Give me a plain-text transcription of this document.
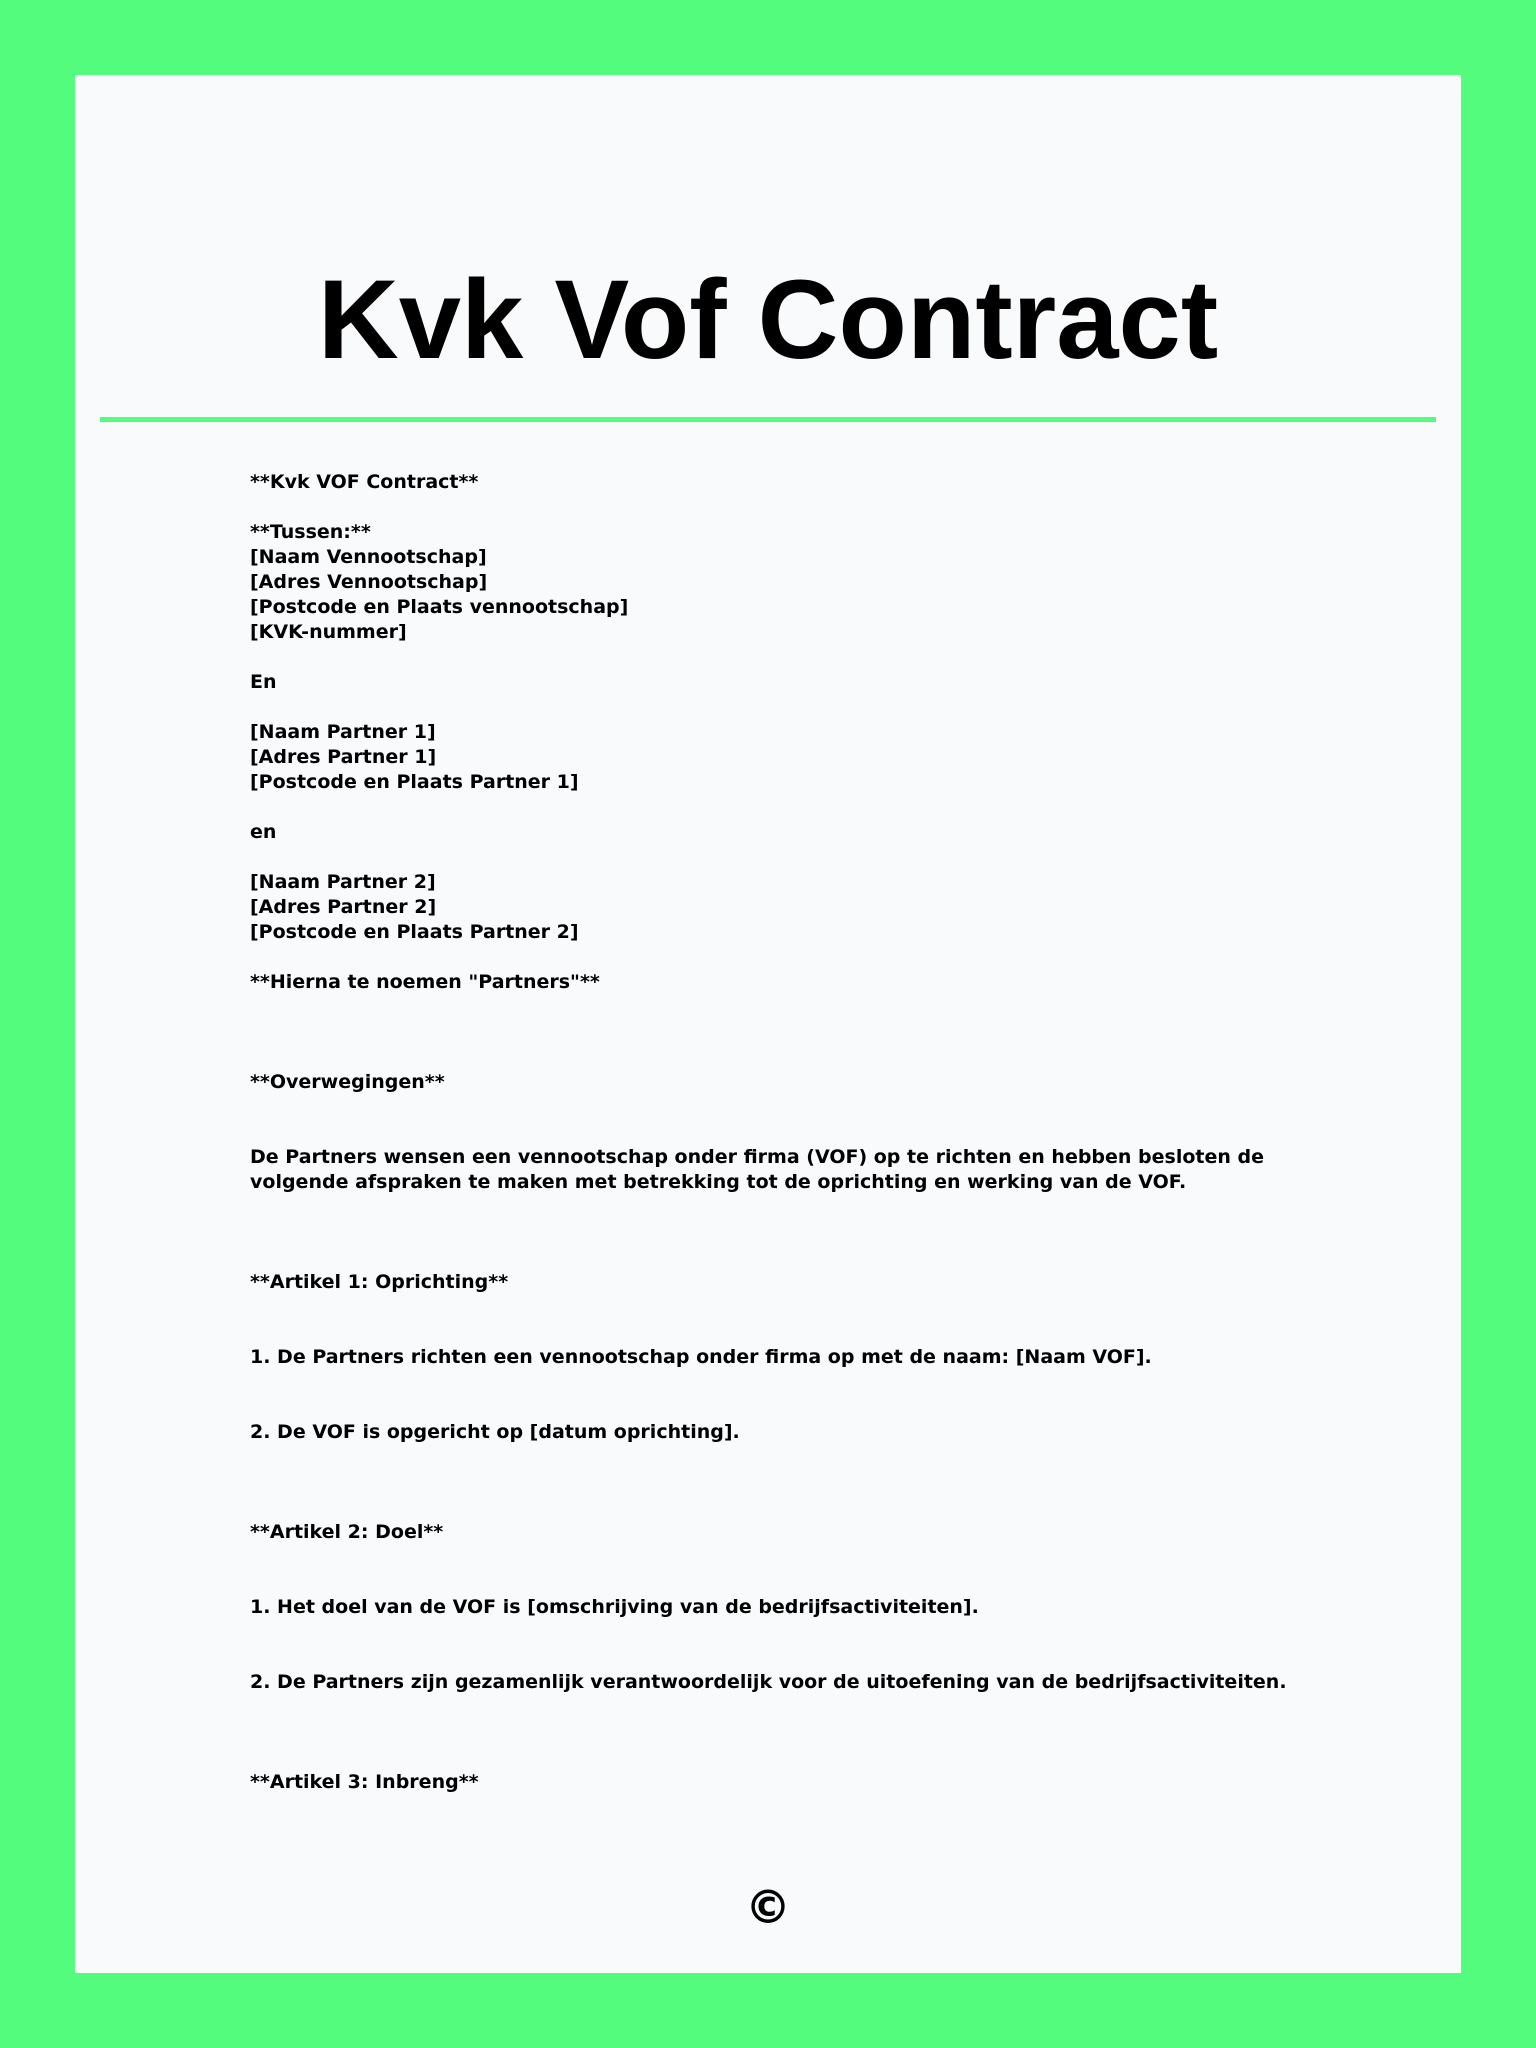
Kvk Vof Contract
**Kvk VOF Contract**
**Tussen:**
[Naam Vennootschap]
[Adres Vennootschap]
[Postcode en Plaats vennootschap]
[KVK-nummer]
En
[Naam Partner 1]
[Adres Partner 1]
[Postcode en Plaats Partner 1]
en
[Naam Partner 2]
[Adres Partner 2]
[Postcode en Plaats Partner 2]
**Hierna te noemen "Partners"**
**Overwegingen**
De Partners wensen een vennootschap onder firma (VOF) op te richten en hebben besloten de volgende afspraken te maken met betrekking tot de oprichting en werking van de VOF.
**Artikel 1: Oprichting**
1. De Partners richten een vennootschap onder firma op met de naam: [Naam VOF].
2. De VOF is opgericht op [datum oprichting].
**Artikel 2: Doel**
1. Het doel van de VOF is [omschrijving van de bedrijfsactiviteiten].
2. De Partners zijn gezamenlijk verantwoordelijk voor de uitoefening van de bedrijfsactiviteiten.
**Artikel 3: Inbreng**
©
